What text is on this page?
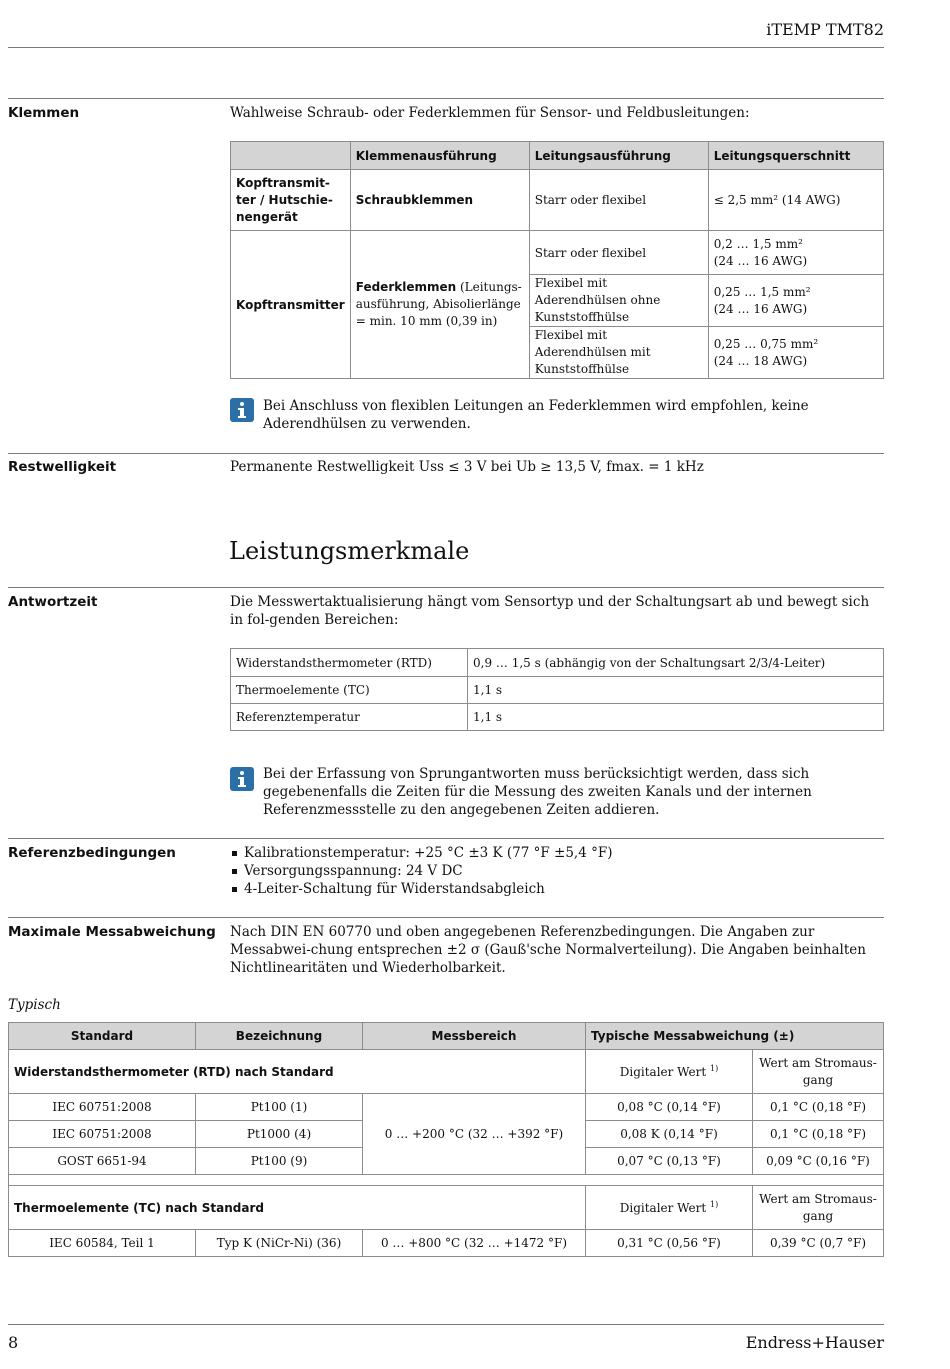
iTEMP TMT82
Klemmen	Wahlweise Schraub- oder Federklemmen für Sensor- und Feldbusleitungen:
	Klemmenausführung	Leitungsausführung	Leitungsquerschnitt
Kopftransmit-ter / Hutschie-nengerät	Schraubklemmen	Starr oder flexibel	≤ 2,5 mm² (14 AWG)
Kopftransmitter	Federklemmen (Leitungs-ausführung, Abisolierlänge = min. 10 mm (0,39 in)	Starr oder flexibel	0,2 … 1,5 mm²
(24 … 16 AWG)

		Flexibel mit Aderendhülsen ohne Kunststoffhülse	0,25 … 1,5 mm²
(24 … 16 AWG)

		Flexibel mit Aderendhülsen mit Kunststoffhülse	0,25 … 0,75 mm²
(24 … 18 AWG)
Bei Anschluss von flexiblen Leitungen an Federklemmen wird empfohlen, keine Aderendhülsen zu verwenden.
Restwelligkeit	Permanente Restwelligkeit Uss ≤ 3 V bei Ub ≥ 13,5 V, fmax. = 1 kHz
Leistungsmerkmale
Antwortzeit	Die Messwertaktualisierung hängt vom Sensortyp und der Schaltungsart ab und bewegt sich in fol-genden Bereichen:
Widerstandsthermometer (RTD)	0,9 … 1,5 s (abhängig von der Schaltungsart 2/3/4-Leiter)
Thermoelemente (TC)	1,1 s
Referenztemperatur	1,1 s
Bei der Erfassung von Sprungantworten muss berücksichtigt werden, dass sich gegebenenfalls die Zeiten für die Messung des zweiten Kanals und der internen Referenzmessstelle zu den angegebenen Zeiten addieren.
Referenzbedingungen	Kalibrationstemperatur: +25 °C ±3 K (77 °F ±5,4 °F)
Versorgungsspannung: 24 V DC
4-Leiter-Schaltung für Widerstandsabgleich
Maximale Messabweichung Nach DIN EN 60770 und oben angegebenen Referenzbedingungen. Die Angaben zur Messabwei-chung entsprechen ±2 σ (Gauß'sche Normalverteilung). Die Angaben beinhalten Nichtlinearitäten und Wiederholbarkeit.
Typisch
Standard	Bezeichnung	Messbereich	Typische Messabweichung (±)	
Widerstandsthermometer (RTD) nach Standard			Digitaler Wert $^{1)}$	Wert am Stromaus-gang
IEC 60751:2008	Pt100 (1)	0 … +200 °C (32 … +392 °F)	0,08 °C (0,14 °F)	0,1 °C (0,18 °F)
IEC 60751:2008	Pt1000 (4)		0,08 K (0,14 °F)	0,1 °C (0,18 °F)
GOST 6651-94	Pt100 (9)		0,07 °C (0,13 °F)	0,09 °C (0,16 °F)

Thermoelemente (TC) nach Standard			Digitaler Wert $^{1)}$	Wert am Stromaus-gang
IEC 60584, Teil 1	Typ K (NiCr-Ni) (36)	0 … +800 °C (32 … +1472 °F)	0,31 °C (0,56 °F)	0,39 °C (0,7 °F)
8	Endress+Hauser
